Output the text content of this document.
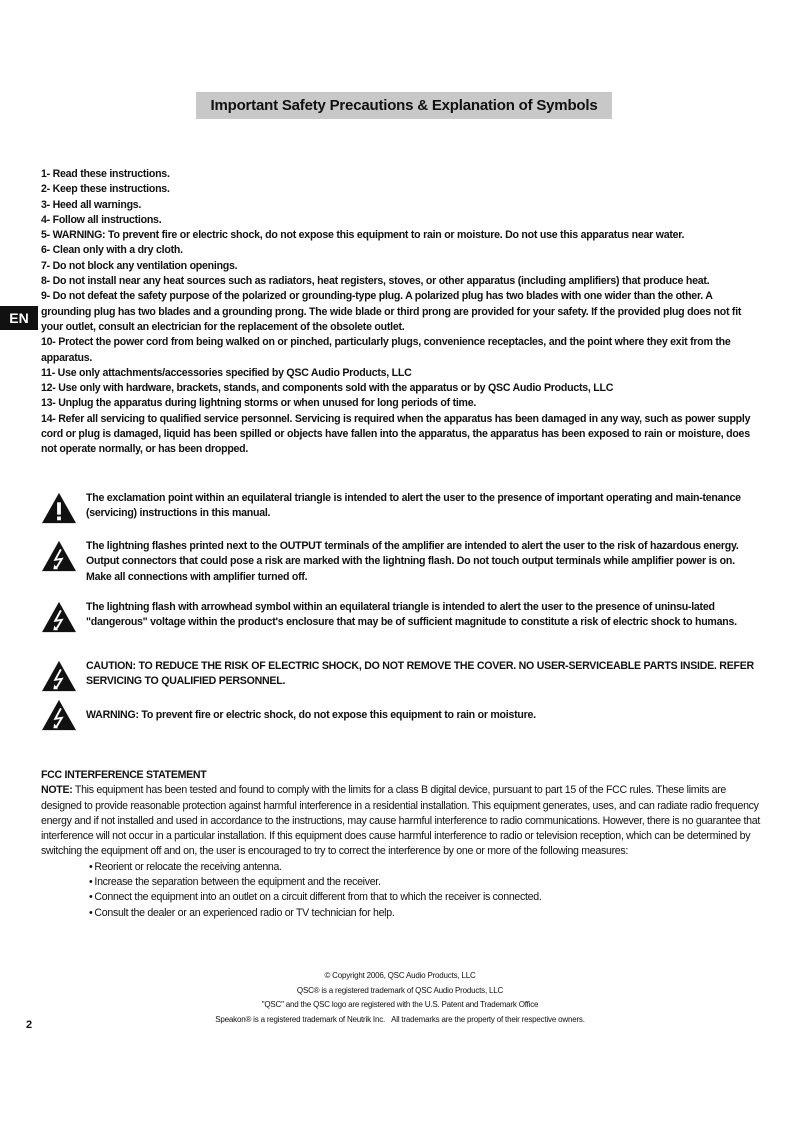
Important Safety Precautions & Explanation of Symbols
EN
1- Read these instructions.
2- Keep these instructions.
3- Heed all warnings.
4- Follow all instructions.
5- WARNING: To prevent fire or electric shock, do not expose this equipment to rain or moisture. Do not use this apparatus near water.
6- Clean only with a dry cloth.
7- Do not block any ventilation openings.
8- Do not install near any heat sources such as radiators, heat registers, stoves, or other apparatus (including amplifiers) that produce heat.
9- Do not defeat the safety purpose of the polarized or grounding-type plug. A polarized plug has two blades with one wider than the other. A grounding plug has two blades and a grounding prong. The wide blade or third prong are provided for your safety. If the provided plug does not fit your outlet, consult an electrician for the replacement of the obsolete outlet.
10- Protect the power cord from being walked on or pinched, particularly plugs, convenience receptacles, and the point where they exit from the apparatus.
11- Use only attachments/accessories specified by QSC Audio Products, LLC
12- Use only with hardware, brackets, stands, and components sold with the apparatus or by QSC Audio Products, LLC
13- Unplug the apparatus during lightning storms or when unused for long periods of time.
14- Refer all servicing to qualified service personnel. Servicing is required when the apparatus has been damaged in any way, such as power supply cord or plug is damaged, liquid has been spilled or objects have fallen into the apparatus, the apparatus has been exposed to rain or moisture, does not operate normally, or has been dropped.
The exclamation point within an equilateral triangle is intended to alert the user to the presence of important operating and main-tenance (servicing) instructions in this manual.
The lightning flashes printed next to the OUTPUT terminals of the amplifier are intended to alert the user to the risk of hazardous energy. Output connectors that could pose a risk are marked with the lightning flash. Do not touch output terminals while amplifier power is on. Make all connections with amplifier turned off.
The lightning flash with arrowhead symbol within an equilateral triangle is intended to alert the user to the presence of uninsu-lated "dangerous" voltage within the product's enclosure that may be of sufficient magnitude to constitute a risk of electric shock to humans.
CAUTION: TO REDUCE THE RISK OF ELECTRIC SHOCK, DO NOT REMOVE THE COVER. NO USER-SERVICEABLE PARTS INSIDE. REFER SERVICING TO QUALIFIED PERSONNEL.
WARNING: To prevent fire or electric shock, do not expose this equipment to rain or moisture.
FCC INTERFERENCE STATEMENT

NOTE: This equipment has been tested and found to comply with the limits for a class B digital device, pursuant to part 15 of the FCC rules. These limits are designed to provide reasonable protection against harmful interference in a residential installation. This equipment generates, uses, and can radiate radio frequency energy and if not installed and used in accordance to the instructions, may cause harmful interference to radio communications. However, there is no guarantee that interference will not occur in a particular installation. If this equipment does cause harmful interference to radio or television reception, which can be determined by switching the equipment off and on, the user is encouraged to try to correct the interference by one or more of the following measures:

• Reorient or relocate the receiving antenna.
• Increase the separation between the equipment and the receiver.
• Connect the equipment into an outlet on a circuit different from that to which the receiver is connected.
• Consult the dealer or an experienced radio or TV technician for help.
© Copyright 2006, QSC Audio Products, LLC
QSC® is a registered trademark of QSC Audio Products, LLC
"QSC" and the QSC logo are registered with the U.S. Patent and Trademark Office
Speakon® is a registered trademark of Neutrik Inc. All trademarks are the property of their respective owners.
2
